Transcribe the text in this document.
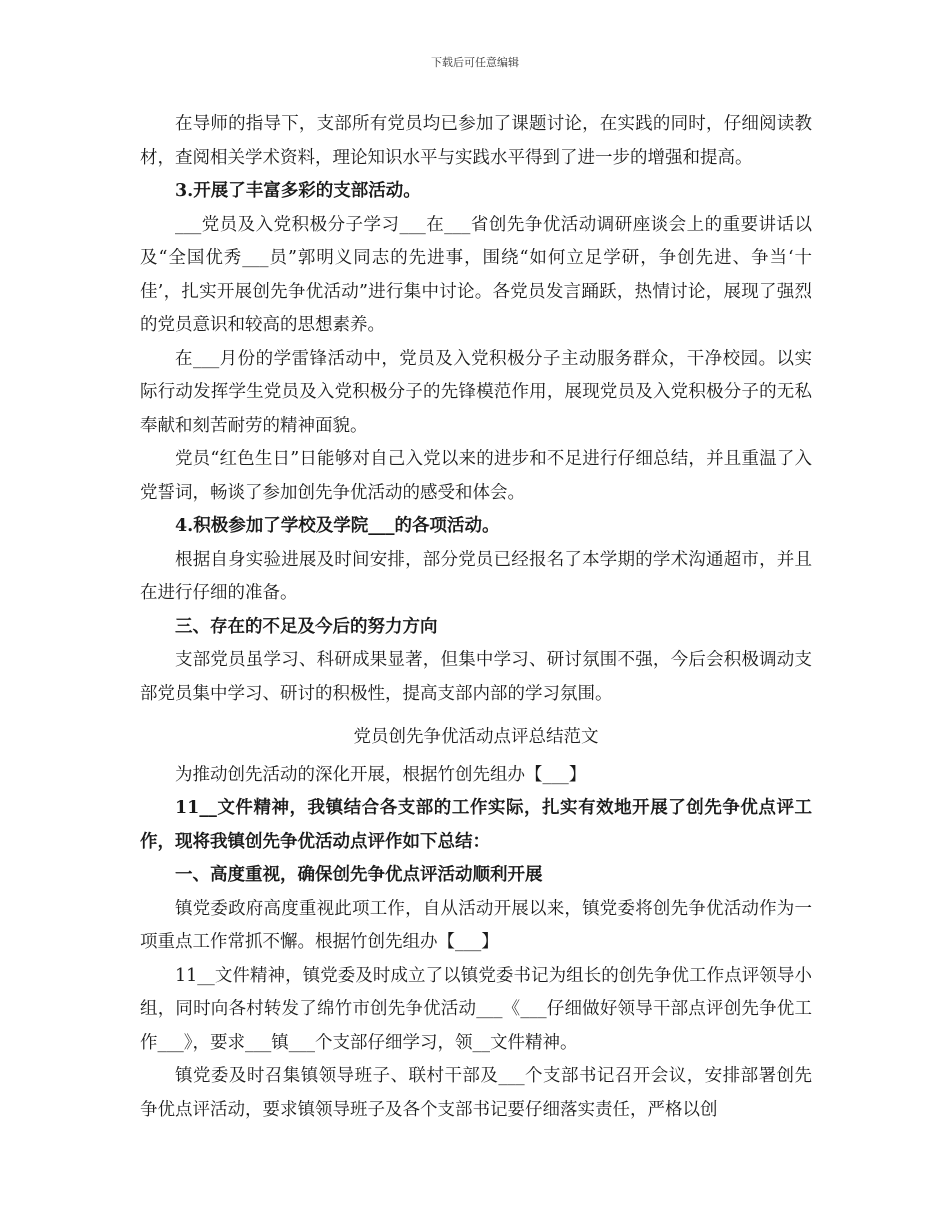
下载后可任意编辑

在导师的指导下，支部所有党员均已参加了课题讨论，在实践的同时，仔细阅读教材，查阅相关学术资料，理论知识水平与实践水平得到了进一步的增强和提高。

3.开展了丰富多彩的支部活动。

___党员及入党积极分子学习___在___省创先争优活动调研座谈会上的重要讲话以及“全国优秀___员”郭明义同志的先进事，围绕“如何立足学研，争创先进、争当‘十佳’，扎实开展创先争优活动”进行集中讨论。各党员发言踊跃，热情讨论，展现了强烈的党员意识和较高的思想素养。

在___月份的学雷锋活动中，党员及入党积极分子主动服务群众，干净校园。以实际行动发挥学生党员及入党积极分子的先锋模范作用，展现党员及入党积极分子的无私奉献和刻苦耐劳的精神面貌。

党员“红色生日”日能够对自己入党以来的进步和不足进行仔细总结，并且重温了入党誓词，畅谈了参加创先争优活动的感受和体会。

4.积极参加了学校及学院___的各项活动。

根据自身实验进展及时间安排，部分党员已经报名了本学期的学术沟通超市，并且在进行仔细的准备。

三、存在的不足及今后的努力方向

支部党员虽学习、科研成果显著，但集中学习、研讨氛围不强，今后会积极调动支部党员集中学习、研讨的积极性，提高支部内部的学习氛围。

党员创先争优活动点评总结范文

为推动创先活动的深化开展，根据竹创先组办【___】

11__文件精神，我镇结合各支部的工作实际，扎实有效地开展了创先争优点评工作，现将我镇创先争优活动点评作如下总结：

一、高度重视，确保创先争优点评活动顺利开展

镇党委政府高度重视此项工作，自从活动开展以来，镇党委将创先争优活动作为一项重点工作常抓不懈。根据竹创先组办【___】

11__文件精神，镇党委及时成立了以镇党委书记为组长的创先争优工作点评领导小组，同时向各村转发了绵竹市创先争优活动___《___仔细做好领导干部点评创先争优工作___》，要求___镇___个支部仔细学习，领__文件精神。

镇党委及时召集镇领导班子、联村干部及___个支部书记召开会议，安排部署创先争优点评活动，要求镇领导班子及各个支部书记要仔细落实责任，严格以创
